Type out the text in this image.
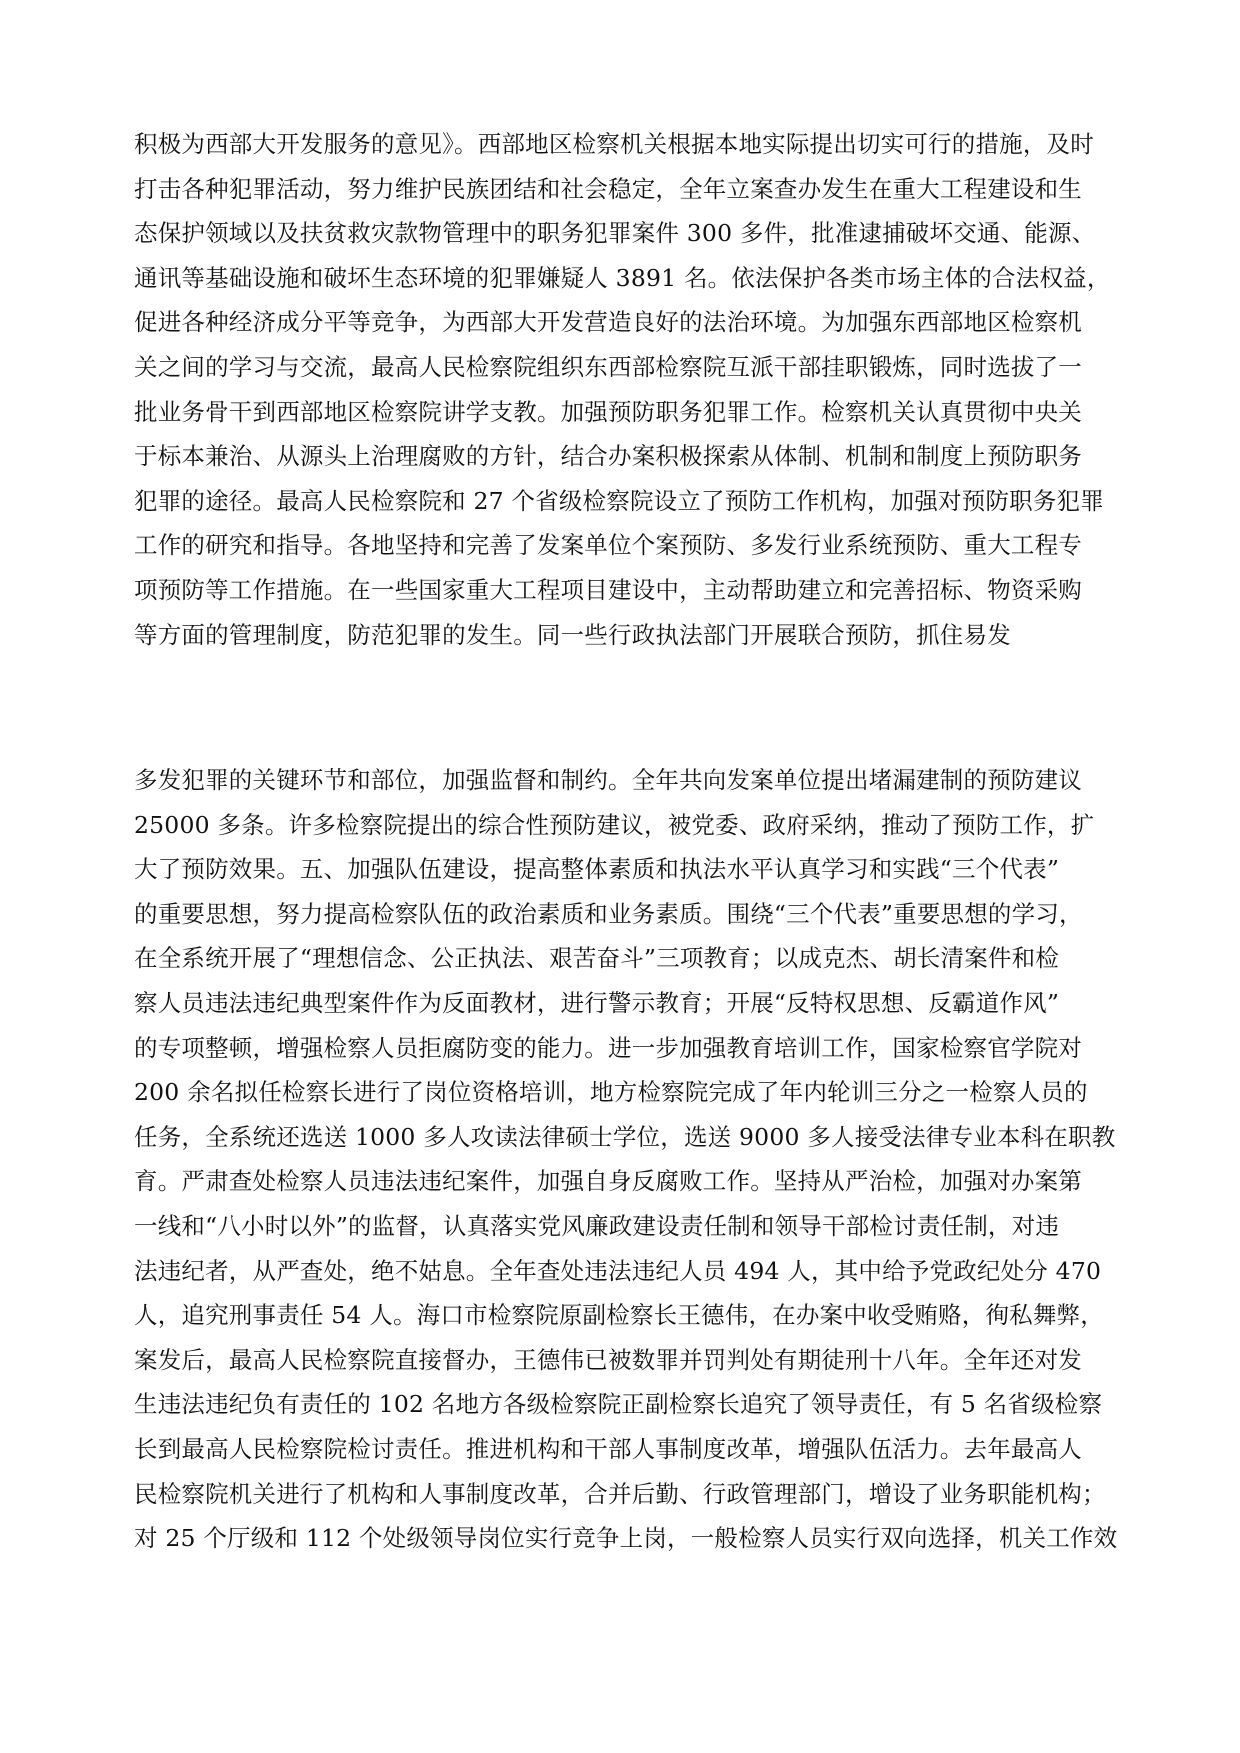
积极为西部大开发服务的意见》。西部地区检察机关根据本地实际提出切实可行的措施，及时
打击各种犯罪活动，努力维护民族团结和社会稳定，全年立案查办发生在重大工程建设和生
态保护领域以及扶贫救灾款物管理中的职务犯罪案件 300 多件，批准逮捕破坏交通、能源、
通讯等基础设施和破坏生态环境的犯罪嫌疑人 3891 名。依法保护各类市场主体的合法权益，
促进各种经济成分平等竞争，为西部大开发营造良好的法治环境。为加强东西部地区检察机
关之间的学习与交流，最高人民检察院组织东西部检察院互派干部挂职锻炼，同时选拔了一
批业务骨干到西部地区检察院讲学支教。加强预防职务犯罪工作。检察机关认真贯彻中央关
于标本兼治、从源头上治理腐败的方针，结合办案积极探索从体制、机制和制度上预防职务
犯罪的途径。最高人民检察院和 27 个省级检察院设立了预防工作机构，加强对预防职务犯罪
工作的研究和指导。各地坚持和完善了发案单位个案预防、多发行业系统预防、重大工程专
项预防等工作措施。在一些国家重大工程项目建设中，主动帮助建立和完善招标、物资采购
等方面的管理制度，防范犯罪的发生。同一些行政执法部门开展联合预防，抓住易发
多发犯罪的关键环节和部位，加强监督和制约。全年共向发案单位提出堵漏建制的预防建议
25000 多条。许多检察院提出的综合性预防建议，被党委、政府采纳，推动了预防工作，扩
大了预防效果。五、加强队伍建设，提高整体素质和执法水平认真学习和实践“三个代表”
的重要思想，努力提高检察队伍的政治素质和业务素质。围绕“三个代表”重要思想的学习，
在全系统开展了“理想信念、公正执法、艰苦奋斗”三项教育；以成克杰、胡长清案件和检
察人员违法违纪典型案件作为反面教材，进行警示教育；开展“反特权思想、反霸道作风”
的专项整顿，增强检察人员拒腐防变的能力。进一步加强教育培训工作，国家检察官学院对
200 余名拟任检察长进行了岗位资格培训，地方检察院完成了年内轮训三分之一检察人员的
任务，全系统还选送 1000 多人攻读法律硕士学位，选送 9000 多人接受法律专业本科在职教
育。严肃查处检察人员违法违纪案件，加强自身反腐败工作。坚持从严治检，加强对办案第
一线和“八小时以外”的监督，认真落实党风廉政建设责任制和领导干部检讨责任制，对违
法违纪者，从严查处，绝不姑息。全年查处违法违纪人员 494 人，其中给予党政纪处分 470
人，追究刑事责任 54 人。海口市检察院原副检察长王德伟，在办案中收受贿赂，徇私舞弊，
案发后，最高人民检察院直接督办，王德伟已被数罪并罚判处有期徒刑十八年。全年还对发
生违法违纪负有责任的 102 名地方各级检察院正副检察长追究了领导责任，有 5 名省级检察
长到最高人民检察院检讨责任。推进机构和干部人事制度改革，增强队伍活力。去年最高人
民检察院机关进行了机构和人事制度改革，合并后勤、行政管理部门，增设了业务职能机构；
对 25 个厅级和 112 个处级领导岗位实行竞争上岗，一般检察人员实行双向选择，机关工作效
